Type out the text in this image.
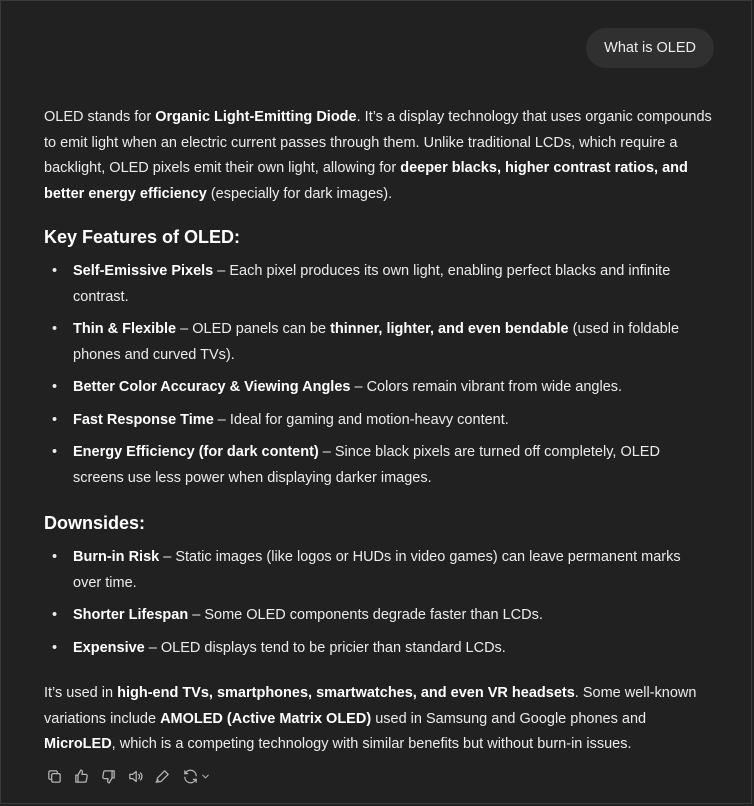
What is OLED

OLED stands for Organic Light-Emitting Diode. It’s a display technology that uses organic compounds to emit light when an electric current passes through them. Unlike traditional LCDs, which require a backlight, OLED pixels emit their own light, allowing for deeper blacks, higher contrast ratios, and better energy efficiency (especially for dark images).

Key Features of OLED:
• Self-Emissive Pixels – Each pixel produces its own light, enabling perfect blacks and infinite contrast.
• Thin & Flexible – OLED panels can be thinner, lighter, and even bendable (used in foldable phones and curved TVs).
• Better Color Accuracy & Viewing Angles – Colors remain vibrant from wide angles.
• Fast Response Time – Ideal for gaming and motion-heavy content.
• Energy Efficiency (for dark content) – Since black pixels are turned off completely, OLED screens use less power when displaying darker images.
Downsides:
• Burn-in Risk – Static images (like logos or HUDs in video games) can leave permanent marks over time.
• Shorter Lifespan – Some OLED components degrade faster than LCDs.
• Expensive – OLED displays tend to be pricier than standard LCDs.

It’s used in high-end TVs, smartphones, smartwatches, and even VR headsets. Some well-known variations include AMOLED (Active Matrix OLED) used in Samsung and Google phones and MicroLED, which is a competing technology with similar benefits but without burn-in issues.
